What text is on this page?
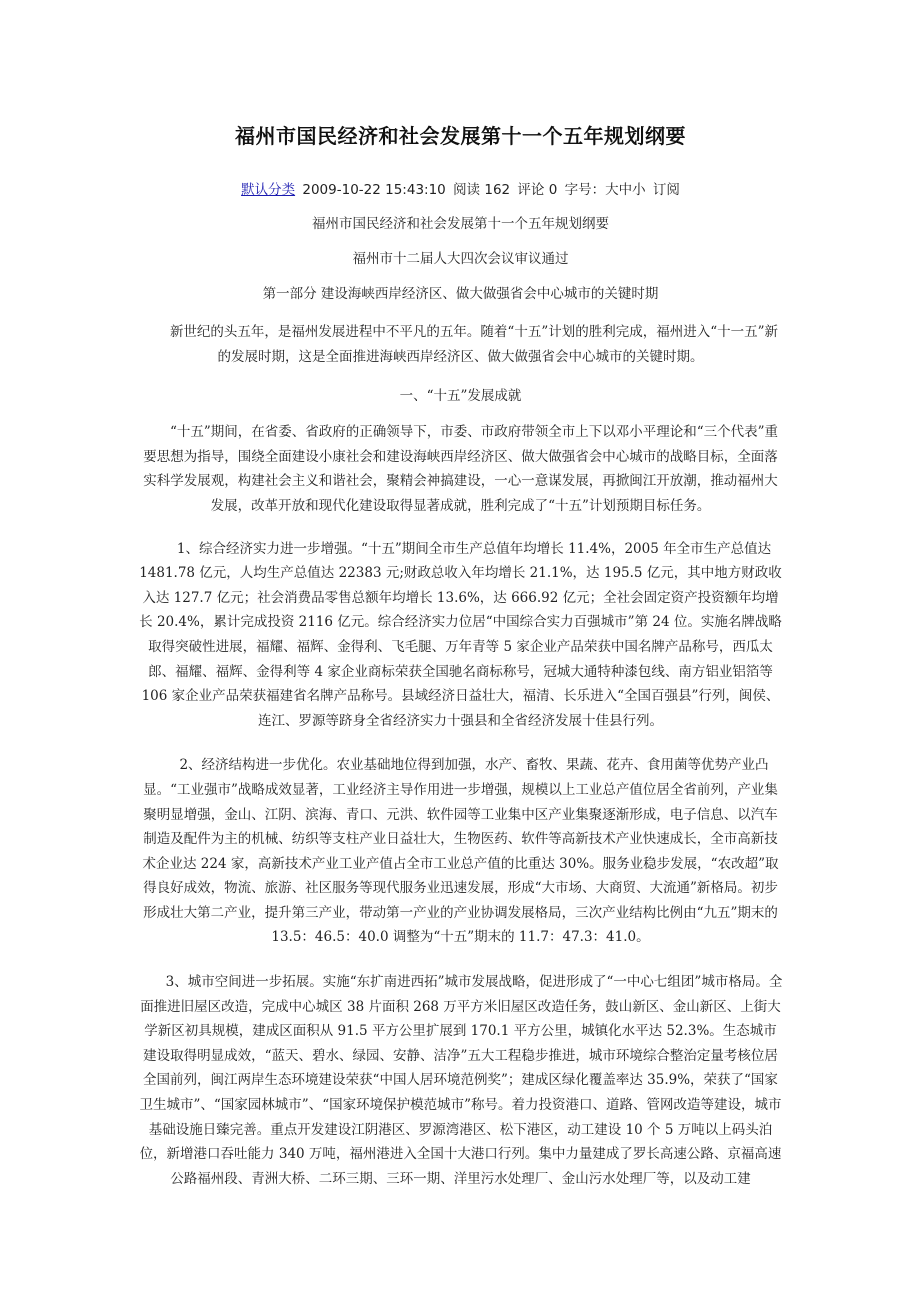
福州市国民经济和社会发展第十一个五年规划纲要
默认分类 2009-10-22 15:43:10 阅读 162 评论 0 字号：大中小 订阅

福州市国民经济和社会发展第十一个五年规划纲要

福州市十二届人大四次会议审议通过

第一部分 建设海峡西岸经济区、做大做强省会中心城市的关键时期

新世纪的头五年，是福州发展进程中不平凡的五年。随着“十五”计划的胜利完成，福州进入“十一五”新的发展时期，这是全面推进海峡西岸经济区、做大做强省会中心城市的关键时期。

一、“十五”发展成就

“十五”期间，在省委、省政府的正确领导下，市委、市政府带领全市上下以邓小平理论和“三个代表”重要思想为指导，围绕全面建设小康社会和建设海峡西岸经济区、做大做强省会中心城市的战略目标，全面落实科学发展观，构建社会主义和谐社会，聚精会神搞建设，一心一意谋发展，再掀闽江开放潮，推动福州大发展，改革开放和现代化建设取得显著成就，胜利完成了“十五”计划预期目标任务。

1、综合经济实力进一步增强。“十五”期间全市生产总值年均增长 11.4%，2005 年全市生产总值达 1481.78 亿元，人均生产总值达 22383 元;财政总收入年均增长 21.1%，达 195.5 亿元，其中地方财政收入达 127.7 亿元；社会消费品零售总额年均增长 13.6%，达 666.92 亿元；全社会固定资产投资额年均增长 20.4%，累计完成投资 2116 亿元。综合经济实力位居“中国综合实力百强城市”第 24 位。实施名牌战略取得突破性进展，福耀、福辉、金得利、飞毛腿、万年青等 5 家企业产品荣获中国名牌产品称号，西瓜太郎、福耀、福辉、金得利等 4 家企业商标荣获全国驰名商标称号，冠城大通特种漆包线、南方铝业铝箔等 106 家企业产品荣获福建省名牌产品称号。县域经济日益壮大，福清、长乐进入“全国百强县”行列，闽侯、连江、罗源等跻身全省经济实力十强县和全省经济发展十佳县行列。

2、经济结构进一步优化。农业基础地位得到加强，水产、畜牧、果蔬、花卉、食用菌等优势产业凸显。“工业强市”战略成效显著，工业经济主导作用进一步增强，规模以上工业总产值位居全省前列，产业集聚明显增强，金山、江阴、滨海、青口、元洪、软件园等工业集中区产业集聚逐渐形成，电子信息、以汽车制造及配件为主的机械、纺织等支柱产业日益壮大，生物医药、软件等高新技术产业快速成长，全市高新技术企业达 224 家，高新技术产业工业产值占全市工业总产值的比重达 30%。服务业稳步发展，“农改超”取得良好成效，物流、旅游、社区服务等现代服务业迅速发展，形成“大市场、大商贸、大流通”新格局。初步形成壮大第二产业，提升第三产业，带动第一产业的产业协调发展格局，三次产业结构比例由“九五”期末的 13.5：46.5：40.0 调整为“十五”期末的 11.7：47.3：41.0。

3、城市空间进一步拓展。实施“东扩南进西拓”城市发展战略，促进形成了“一中心七组团”城市格局。全面推进旧屋区改造，完成中心城区 38 片面积 268 万平方米旧屋区改造任务，鼓山新区、金山新区、上街大学新区初具规模，建成区面积从 91.5 平方公里扩展到 170.1 平方公里，城镇化水平达 52.3%。生态城市建设取得明显成效，“蓝天、碧水、绿园、安静、洁净”五大工程稳步推进，城市环境综合整治定量考核位居全国前列，闽江两岸生态环境建设荣获“中国人居环境范例奖”；建成区绿化覆盖率达 35.9%，荣获了“国家卫生城市”、“国家园林城市”、“国家环境保护模范城市”称号。着力投资港口、道路、管网改造等建设，城市基础设施日臻完善。重点开发建设江阴港区、罗源湾港区、松下港区，动工建设 10 个 5 万吨以上码头泊位，新增港口吞吐能力 340 万吨，福州港进入全国十大港口行列。集中力量建成了罗长高速公路、京福高速公路福州段、青洲大桥、二环三期、三环一期、洋里污水处理厂、金山污水处理厂等，以及动工建
